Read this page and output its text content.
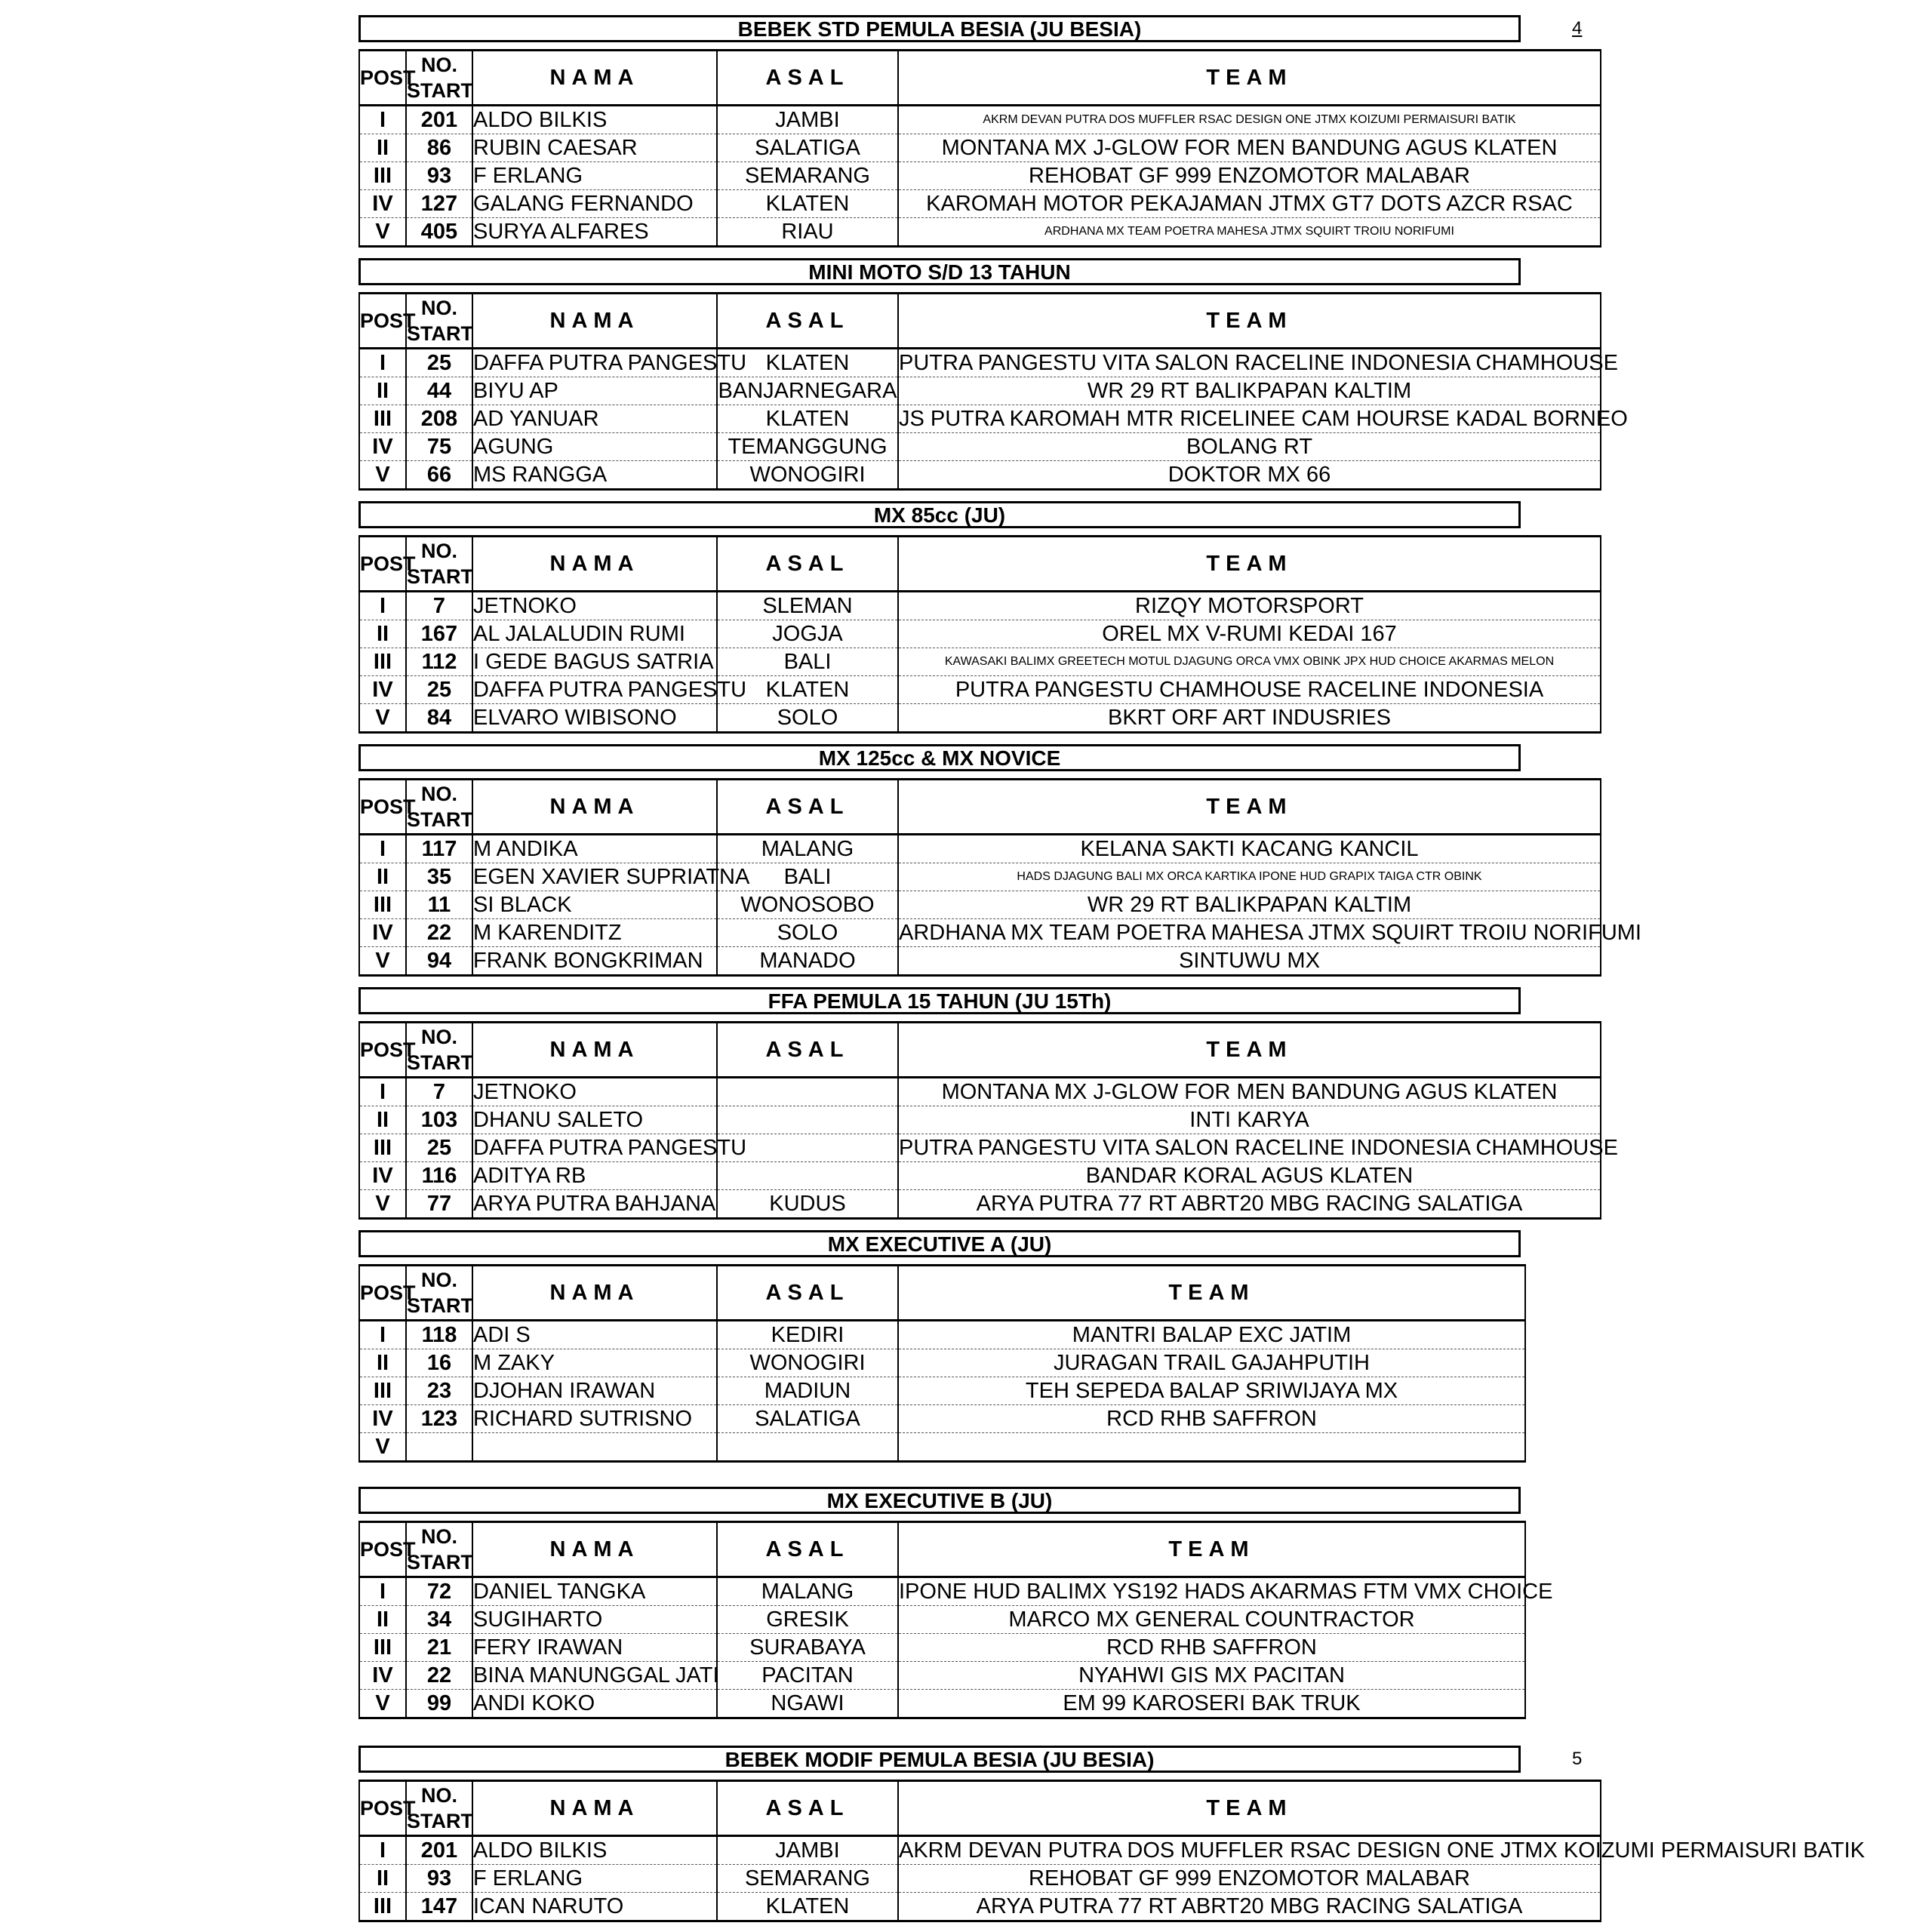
BEBEK STD PEMULA BESIA (JU BESIA)	4
POST	NO.
START	NAMA	ASAL	TEAM
I	201	ALDO BILKIS	JAMBI	AKRM DEVAN PUTRA DOS MUFFLER RSAC DESIGN ONE JTMX KOIZUMI PERMAISURI BATIK
II	86	RUBIN CAESAR	SALATIGA	MONTANA MX J-GLOW FOR MEN BANDUNG AGUS KLATEN
III	93	F ERLANG	SEMARANG	REHOBAT GF 999 ENZOMOTOR MALABAR
IV	127	GALANG FERNANDO	KLATEN	KAROMAH MOTOR PEKAJAMAN JTMX GT7 DOTS AZCR RSAC
V	405	SURYA ALFARES	RIAU	ARDHANA MX TEAM POETRA MAHESA JTMX SQUIRT TROIU NORIFUMI
MINI MOTO S/D 13 TAHUN
POST	NO.
START	NAMA	ASAL	TEAM
I	25	DAFFA PUTRA PANGESTU	KLATEN	PUTRA PANGESTU VITA SALON RACELINE INDONESIA CHAMHOUSE
II	44	BIYU AP	BANJARNEGARA	WR 29 RT BALIKPAPAN KALTIM
III	208	AD YANUAR	KLATEN	JS PUTRA KAROMAH MTR RICELINEE CAM HOURSE KADAL BORNEO
IV	75	AGUNG	TEMANGGUNG	BOLANG RT
V	66	MS RANGGA	WONOGIRI	DOKTOR MX 66
MX 85cc (JU)
POST	NO.
START	NAMA	ASAL	TEAM
I	7	JETNOKO	SLEMAN	RIZQY MOTORSPORT
II	167	AL JALALUDIN RUMI	JOGJA	OREL MX V-RUMI KEDAI 167
III	112	I GEDE BAGUS SATRIA	BALI	KAWASAKI BALIMX GREETECH MOTUL DJAGUNG ORCA VMX OBINK JPX HUD CHOICE AKARMAS MELON
IV	25	DAFFA PUTRA PANGESTU	KLATEN	PUTRA PANGESTU CHAMHOUSE RACELINE INDONESIA
V	84	ELVARO WIBISONO	SOLO	BKRT ORF ART INDUSRIES
MX 125cc & MX NOVICE
POST	NO.
START	NAMA	ASAL	TEAM
I	117	M ANDIKA	MALANG	KELANA SAKTI KACANG KANCIL
II	35	EGEN XAVIER SUPRIATNA	BALI	HADS DJAGUNG BALI MX ORCA KARTIKA IPONE HUD GRAPIX TAIGA CTR OBINK
III	11	SI BLACK	WONOSOBO	WR 29 RT BALIKPAPAN KALTIM
IV	22	M KARENDITZ	SOLO	ARDHANA MX TEAM POETRA MAHESA JTMX SQUIRT TROIU NORIFUMI
V	94	FRANK BONGKRIMAN	MANADO	SINTUWU MX
FFA PEMULA 15 TAHUN (JU 15Th)
POST	NO.
START	NAMA	ASAL	TEAM
I	7	JETNOKO		MONTANA MX J-GLOW FOR MEN BANDUNG AGUS KLATEN
II	103	DHANU SALETO		INTI KARYA
III	25	DAFFA PUTRA PANGESTU		PUTRA PANGESTU VITA SALON RACELINE INDONESIA CHAMHOUSE
IV	116	ADITYA RB		BANDAR KORAL AGUS KLATEN
V	77	ARYA PUTRA BAHJANA	KUDUS	ARYA PUTRA 77 RT ABRT20 MBG RACING SALATIGA
MX EXECUTIVE A (JU)
POST	NO.
START	NAMA	ASAL	TEAM
I	118	ADI S	KEDIRI	MANTRI BALAP EXC JATIM
II	16	M ZAKY	WONOGIRI	JURAGAN TRAIL GAJAHPUTIH
III	23	DJOHAN IRAWAN	MADIUN	TEH SEPEDA BALAP SRIWIJAYA MX
IV	123	RICHARD SUTRISNO	SALATIGA	RCD RHB SAFFRON
V				
MX EXECUTIVE B (JU)
POST	NO.
START	NAMA	ASAL	TEAM
I	72	DANIEL TANGKA	MALANG	IPONE HUD BALIMX YS192 HADS AKARMAS FTM VMX CHOICE
II	34	SUGIHARTO	GRESIK	MARCO MX GENERAL COUNTRACTOR
III	21	FERY IRAWAN	SURABAYA	RCD RHB SAFFRON
IV	22	BINA MANUNGGAL JATI	PACITAN	NYAHWI GIS MX PACITAN
V	99	ANDI KOKO	NGAWI	EM 99 KAROSERI BAK TRUK
BEBEK MODIF PEMULA BESIA (JU BESIA)	5
POST	NO.
START	NAMA	ASAL	TEAM
I	201	ALDO BILKIS	JAMBI	AKRM DEVAN PUTRA DOS MUFFLER RSAC DESIGN ONE JTMX KOIZUMI PERMAISURI BATIK
II	93	F ERLANG	SEMARANG	REHOBAT GF 999 ENZOMOTOR MALABAR
III	147	ICAN NARUTO	KLATEN	ARYA PUTRA 77 RT ABRT20 MBG RACING SALATIGA
